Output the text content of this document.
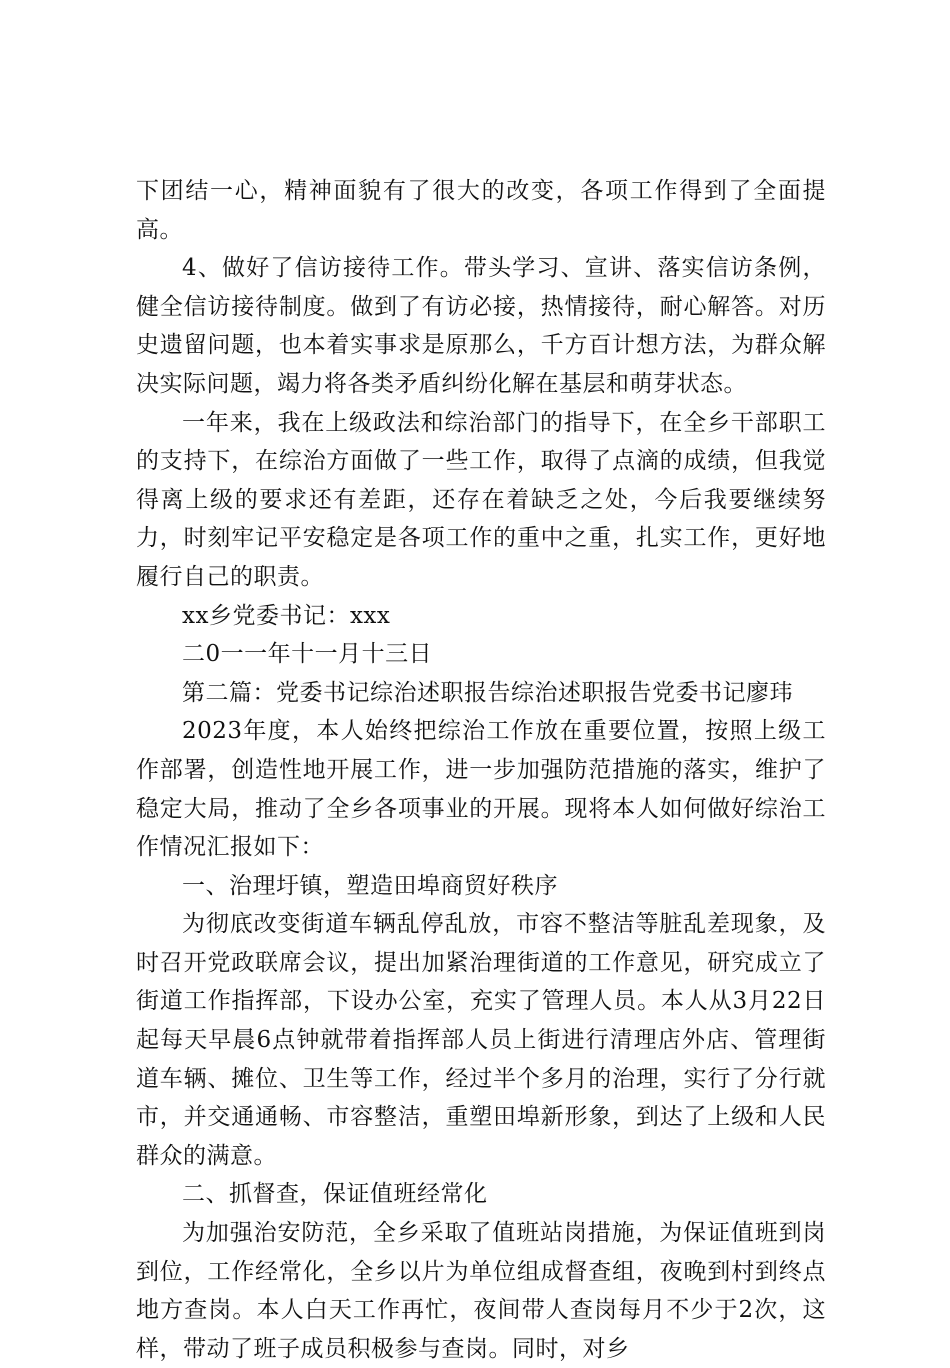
下团结一心，精神面貌有了很大的改变，各项工作得到了全面提高。

4、做好了信访接待工作。带头学习、宣讲、落实信访条例，健全信访接待制度。做到了有访必接，热情接待，耐心解答。对历史遗留问题，也本着实事求是原那么，千方百计想方法，为群众解决实际问题，竭力将各类矛盾纠纷化解在基层和萌芽状态。

一年来，我在上级政法和综治部门的指导下，在全乡干部职工的支持下，在综治方面做了一些工作，取得了点滴的成绩，但我觉得离上级的要求还有差距，还存在着缺乏之处，今后我要继续努力，时刻牢记平安稳定是各项工作的重中之重，扎实工作，更好地履行自己的职责。

xx乡党委书记：xxx

二0一一年十一月十三日

第二篇：党委书记综治述职报告综治述职报告党委书记廖玮

2023年度，本人始终把综治工作放在重要位置，按照上级工作部署，创造性地开展工作，进一步加强防范措施的落实，维护了稳定大局，推动了全乡各项事业的开展。现将本人如何做好综治工作情况汇报如下：

一、治理圩镇，塑造田埠商贸好秩序

为彻底改变街道车辆乱停乱放，市容不整洁等脏乱差现象，及时召开党政联席会议，提出加紧治理街道的工作意见，研究成立了街道工作指挥部，下设办公室，充实了管理人员。本人从3月22日起每天早晨6点钟就带着指挥部人员上街进行清理店外店、管理街道车辆、摊位、卫生等工作，经过半个多月的治理，实行了分行就市，并交通通畅、市容整洁，重塑田埠新形象，到达了上级和人民群众的满意。

二、抓督查，保证值班经常化

为加强治安防范，全乡采取了值班站岗措施，为保证值班到岗到位，工作经常化，全乡以片为单位组成督查组，夜晚到村到终点地方查岗。本人白天工作再忙，夜间带人查岗每月不少于2次，这样，带动了班子成员积极参与查岗。同时，对乡
